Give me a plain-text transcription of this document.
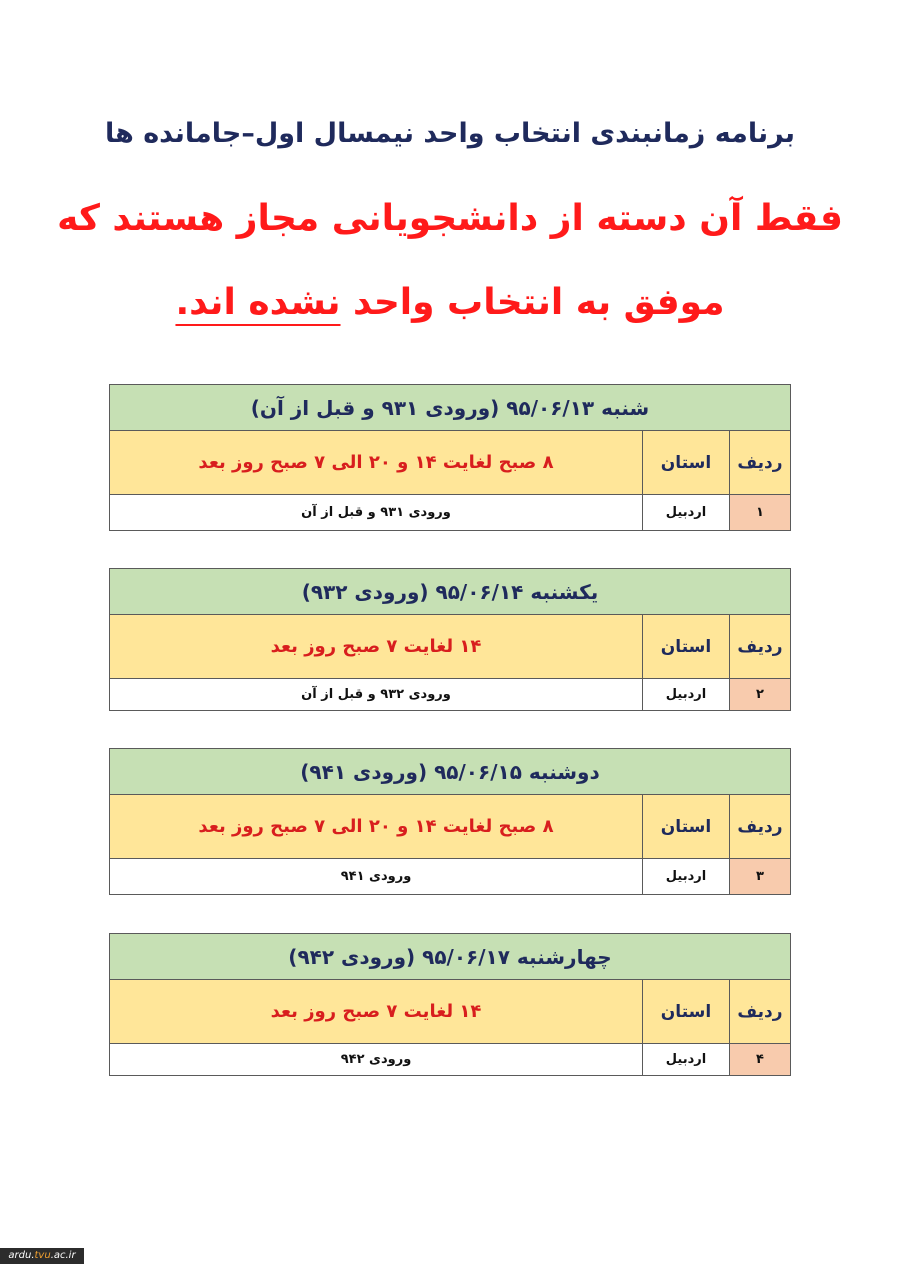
برنامه زمانبندی انتخاب واحد نیمسال اول–جامانده ها
فقط آن دسته از دانشجویانی مجاز هستند که
موفق به انتخاب واحد نشده اند.
شنبه ۹۵/۰۶/۱۳ (ورودی ۹۳۱ و قبل از آن)		
ردیف	استان	۸ صبح لغایت ۱۴ و ۲۰ الی ۷ صبح روز بعد
۱	اردبیل	ورودی ۹۳۱ و قبل از آن
یکشنبه ۹۵/۰۶/۱۴ (ورودی ۹۳۲)		
ردیف	استان	۱۴ لغایت ۷ صبح روز بعد
۲	اردبیل	ورودی ۹۳۲ و قبل از آن
دوشنبه ۹۵/۰۶/۱۵ (ورودی ۹۴۱)		
ردیف	استان	۸ صبح لغایت ۱۴ و ۲۰ الی ۷ صبح روز بعد
۳	اردبیل	ورودی ۹۴۱
چهارشنبه ۹۵/۰۶/۱۷ (ورودی ۹۴۲)		
ردیف	استان	۱۴ لغایت ۷ صبح روز بعد
۴	اردبیل	ورودی ۹۴۲
ardu.tvu.ac.ir
